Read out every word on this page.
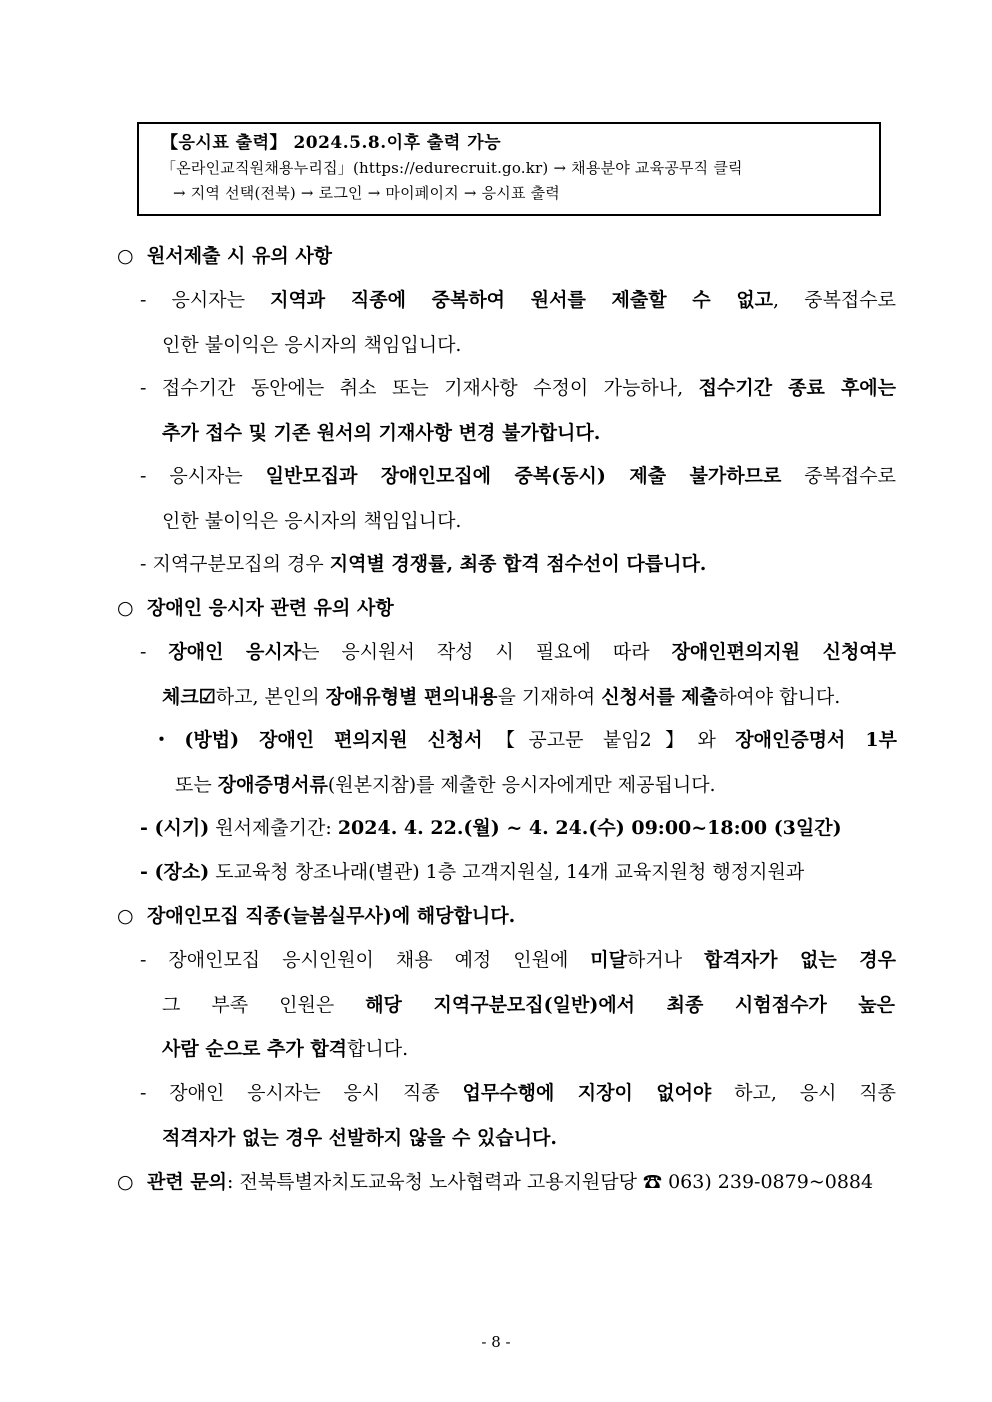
【응시표 출력】 2024.5.8.이후 출력 가능
「온라인교직원채용누리집」(https://edurecruit.go.kr) → 채용분야 교육공무직 클릭
→ 지역 선택(전북) → 로그인 → 마이페이지 → 응시표 출력
○ 원서제출 시 유의 사항
- 응시자는 지역과 직종에 중복하여 원서를 제출할 수 없고, 중복접수로
인한 불이익은 응시자의 책임입니다.
- 접수기간 동안에는 취소 또는 기재사항 수정이 가능하나, 접수기간 종료 후에는
추가 접수 및 기존 원서의 기재사항 변경 불가합니다.
- 응시자는 일반모집과 장애인모집에 중복(동시) 제출 불가하므로 중복접수로
인한 불이익은 응시자의 책임입니다.
- 지역구분모집의 경우 지역별 경쟁률, 최종 합격 점수선이 다릅니다.
○ 장애인 응시자 관련 유의 사항
- 장애인 응시자는 응시원서 작성 시 필요에 따라 장애인편의지원 신청여부
체크☑하고, 본인의 장애유형별 편의내용을 기재하여 신청서를 제출하여야 합니다.
・(방법) 장애인 편의지원 신청서【공고문 붙임2】와 장애인증명서 1부
또는 장애증명서류(원본지참)를 제출한 응시자에게만 제공됩니다.
- (시기) 원서제출기간: 2024. 4. 22.(월) ~ 4. 24.(수) 09:00~18:00 (3일간)
- (장소) 도교육청 창조나래(별관) 1층 고객지원실, 14개 교육지원청 행정지원과
○ 장애인모집 직종(늘봄실무사)에 해당합니다.
- 장애인모집 응시인원이 채용 예정 인원에 미달하거나 합격자가 없는 경우
그 부족 인원은 해당 지역구분모집(일반)에서 최종 시험점수가 높은
사람 순으로 추가 합격합니다.
- 장애인 응시자는 응시 직종 업무수행에 지장이 없어야 하고, 응시 직종
적격자가 없는 경우 선발하지 않을 수 있습니다.
○ 관련 문의: 전북특별자치도교육청 노사협력과 고용지원담당 ☎ 063) 239-0879~0884
- 8 -
